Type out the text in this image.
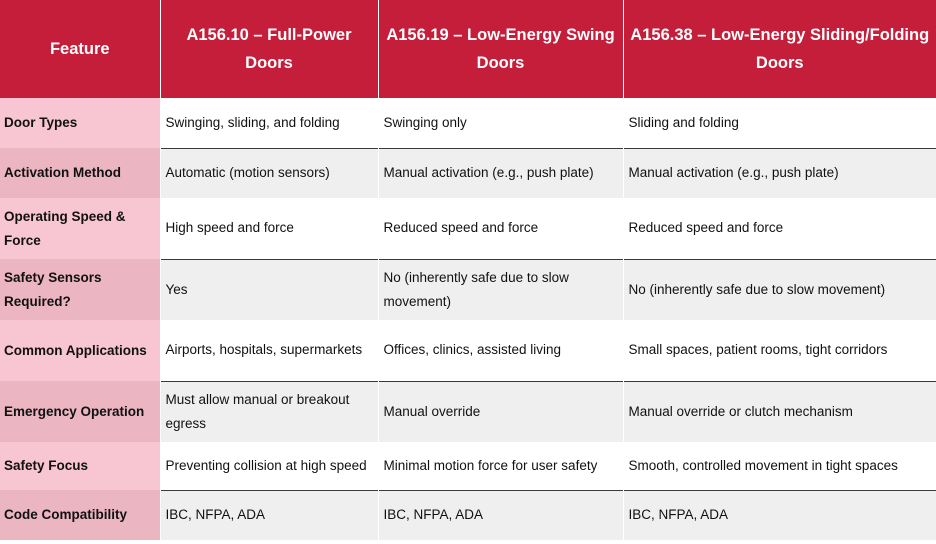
Feature	A156.10 – Full-Power Doors	A156.19 – Low-Energy Swing Doors	A156.38 – Low-Energy Sliding/Folding Doors
Door Types	Swinging, sliding, and folding	Swinging only	Sliding and folding
Activation Method	Automatic (motion sensors)	Manual activation (e.g., push plate)	Manual activation (e.g., push plate)
Operating Speed & Force	High speed and force	Reduced speed and force	Reduced speed and force
Safety Sensors Required?	Yes	No (inherently safe due to slow movement)	No (inherently safe due to slow movement)
Common Applications	Airports, hospitals, supermarkets	Offices, clinics, assisted living	Small spaces, patient rooms, tight corridors
Emergency Operation	Must allow manual or breakout egress	Manual override	Manual override or clutch mechanism
Safety Focus	Preventing collision at high speed	Minimal motion force for user safety	Smooth, controlled movement in tight spaces
Code Compatibility	IBC, NFPA, ADA	IBC, NFPA, ADA	IBC, NFPA, ADA
